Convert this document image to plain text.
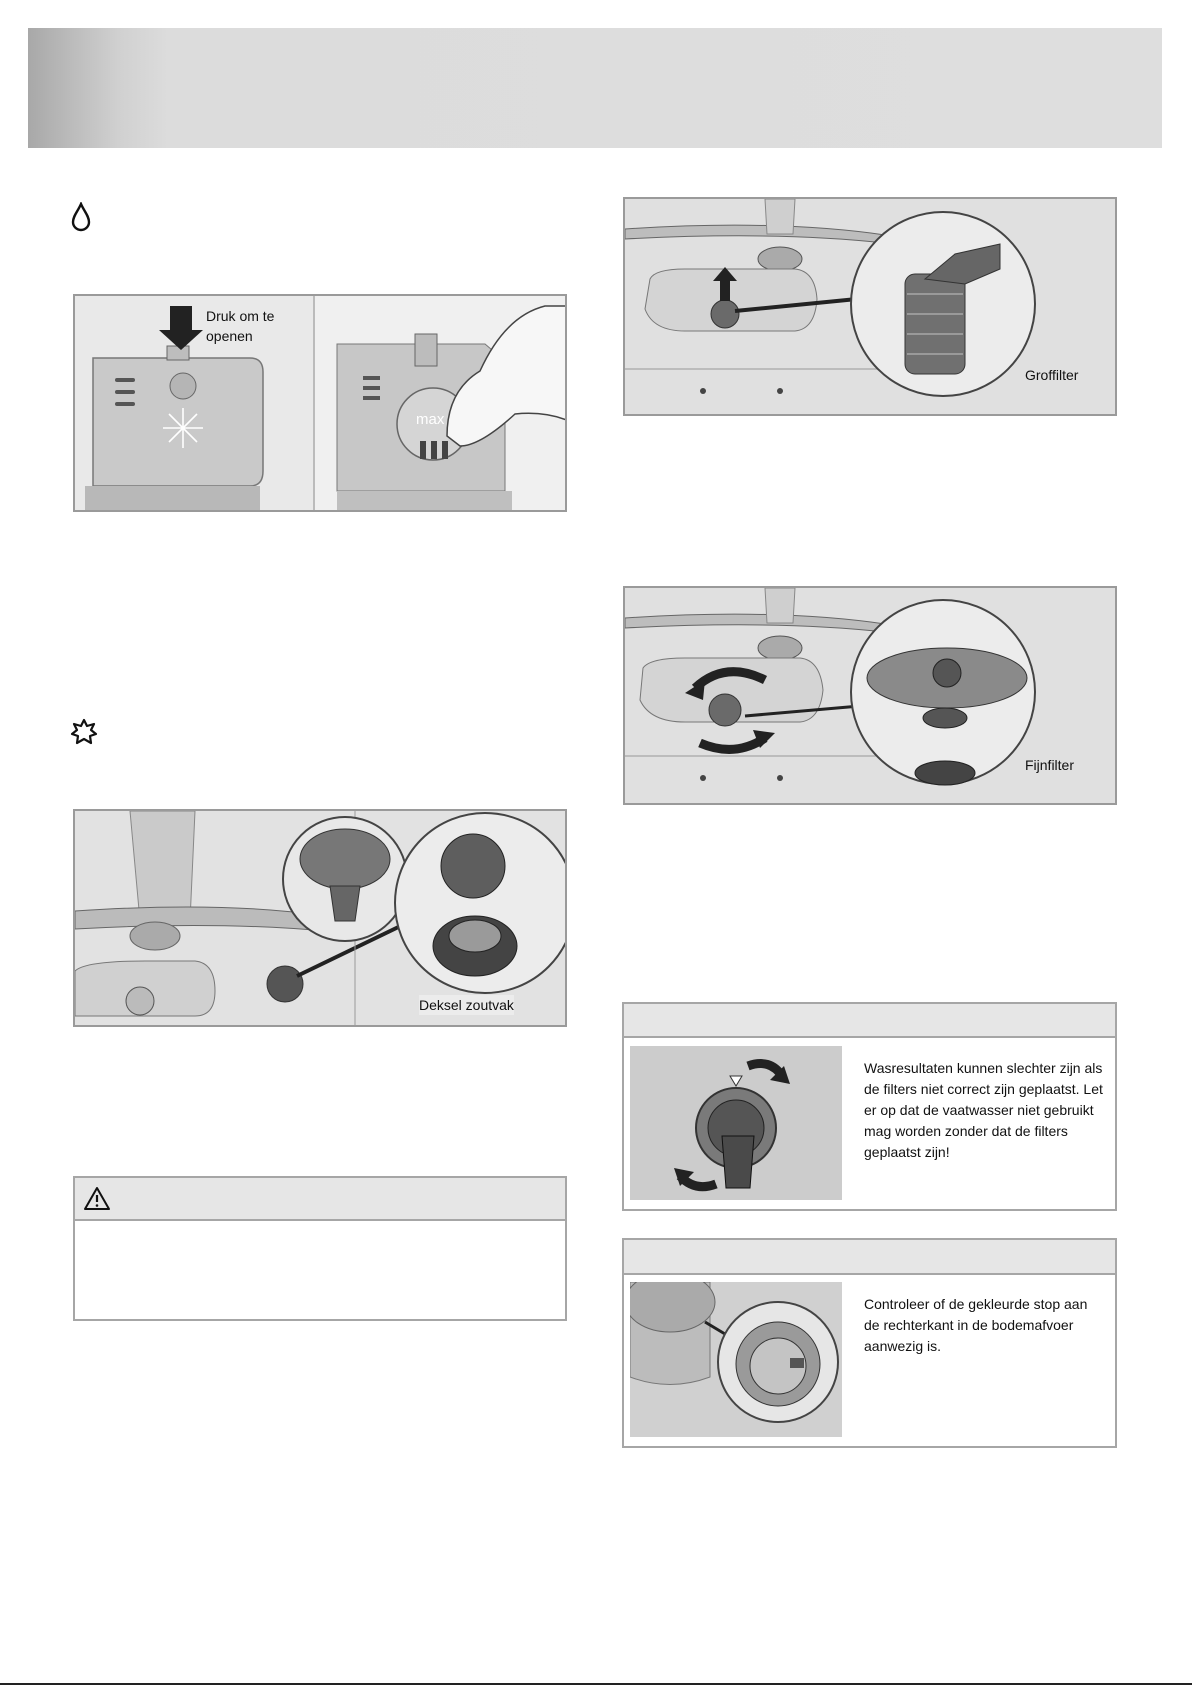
Druk om te
openen
max
Deksel zoutvak
Groffilter
Fijnfilter
Wasresultaten kunnen slechter zijn als de filters niet correct zijn geplaatst. Let er op dat de vaatwasser niet gebruikt mag worden zonder dat de filters geplaatst zijn!
Controleer of de gekleurde stop aan de rechterkant in de bodemafvoer aanwezig is.
